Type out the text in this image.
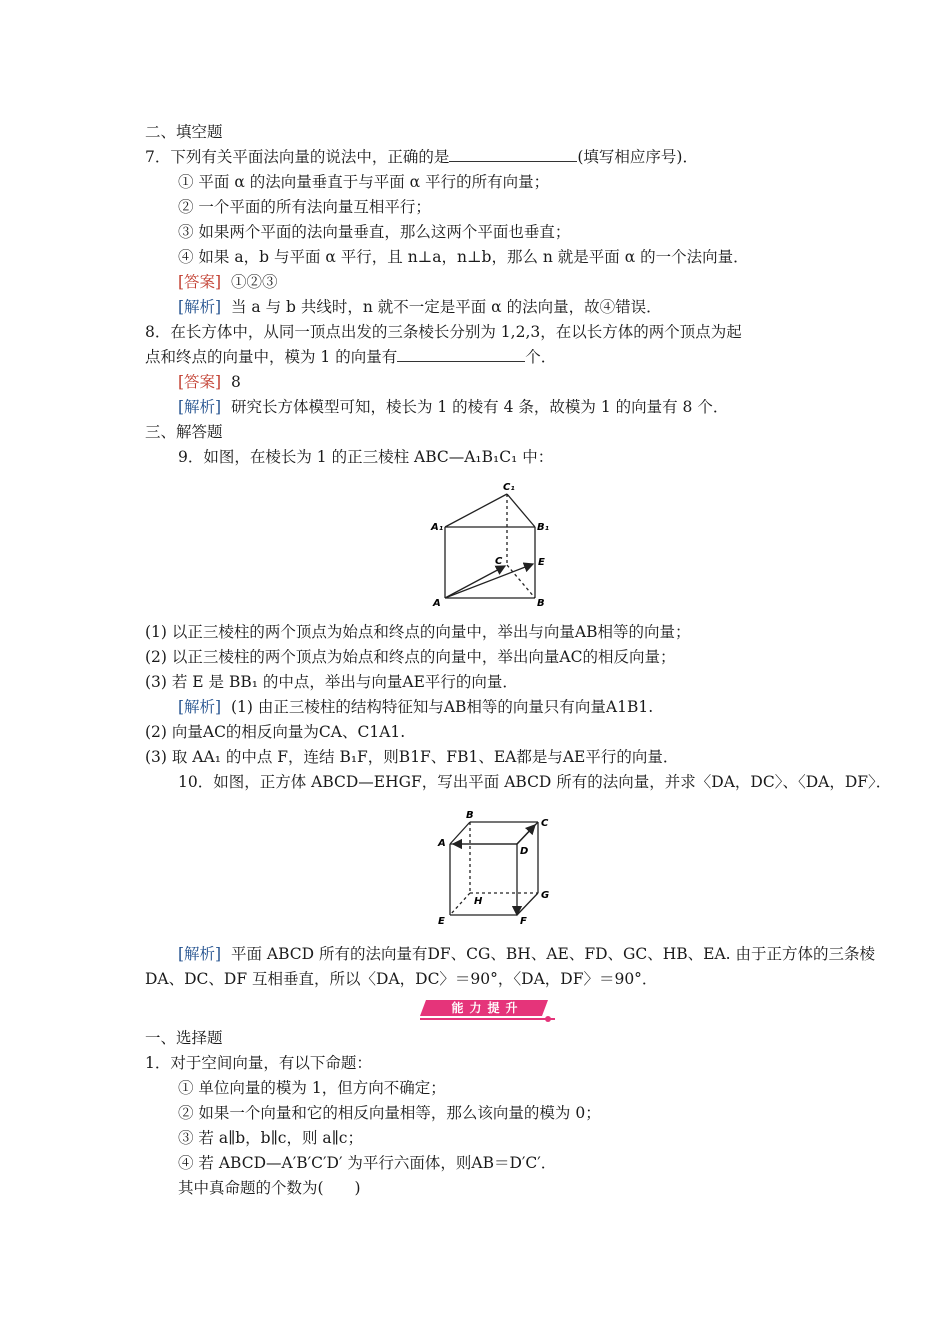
二、填空题
7．下列有关平面法向量的说法中，正确的是	(填写相应序号)．
① 平面 α 的法向量垂直于与平面 α 平行的所有向量；
② 一个平面的所有法向量互相平行；
③ 如果两个平面的法向量垂直，那么这两个平面也垂直；
④ 如果 a，b 与平面 α 平行，且 n⊥a，n⊥b，那么 n 就是平面 α 的一个法向量．
[答案] ①②③
[解析] 当 a 与 b 共线时，n 就不一定是平面 α 的法向量，故④错误．
8．在长方体中，从同一顶点出发的三条棱长分别为 1,2,3，在以长方体的两个顶点为起
点和终点的向量中，模为 1 的向量有	个．
[答案] 8
[解析] 研究长方体模型可知，棱长为 1 的棱有 4 条，故模为 1 的向量有 8 个．
三、解答题
9．如图，在棱长为 1 的正三棱柱 ABC—A₁B₁C₁ 中：
C₁
A₁	B₁
C	E
A	B
(1) 以正三棱柱的两个顶点为始点和终点的向量中，举出与向量AB相等的向量；
(2) 以正三棱柱的两个顶点为始点和终点的向量中，举出向量AC的相反向量；
(3) 若 E 是 BB₁ 的中点，举出与向量AE平行的向量．
[解析] (1) 由正三棱柱的结构特征知与AB相等的向量只有向量A1B1.
(2) 向量AC的相反向量为CA、C1A1.
(3) 取 AA₁ 的中点 F，连结 B₁F，则B1F、FB1、EA都是与AE平行的向量．
10．如图，正方体 ABCD—EHGF，写出平面 ABCD 所有的法向量，并求〈DA，DC〉、〈DA，DF〉．
B
C
A
D
G
H
E	F
[解析] 平面 ABCD 所有的法向量有DF、CG、BH、AE、FD、GC、HB、EA. 由于正方体的三条棱
DA、DC、DF 互相垂直，所以〈DA，DC〉＝90°，〈DA，DF〉＝90°．
能力提升
一、选择题
1．对于空间向量，有以下命题：
① 单位向量的模为 1，但方向不确定；
② 如果一个向量和它的相反向量相等，那么该向量的模为 0；
③ 若 a∥b，b∥c，则 a∥c；
④ 若 ABCD—A′B′C′D′ 为平行六面体，则AB＝D′C′．
其中真命题的个数为(　　)
